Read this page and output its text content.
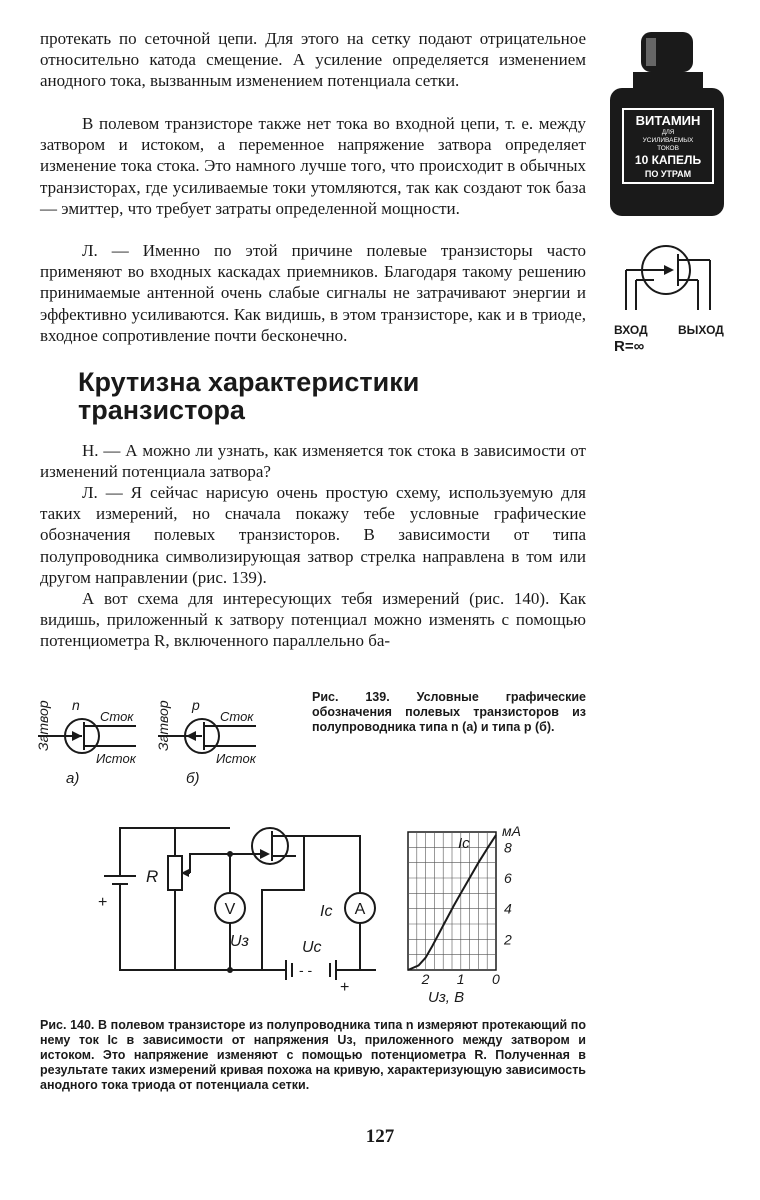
протекать по сеточной цепи. Для этого на сетку подают отрицательное относительно катода смещение. А усиление определяется изменением анодного тока, вызванным изменением потенциала сетки.

В полевом транзисторе также нет тока во входной цепи, т. е. между затвором и истоком, а переменное напряжение затвора определяет изменение тока стока. Это намного лучше того, что происходит в обычных транзисторах, где усиливаемые токи утомляются, так как создают ток база — эмиттер, что требует затраты определенной мощности.

Л. — Именно по этой причине полевые транзисторы часто применяют во входных каскадах приемников. Благодаря такому решению принимаемые антенной очень слабые сигналы не затрачивают энергии и эффективно усиливаются. Как видишь, в этом транзисторе, как и в триоде, входное сопротивление почти бесконечно.

ВИТАМИН
ДЛЯ
УСИЛИВАЕМЫХ
ТОКОВ
10 КАПЕЛЬ
ПО УТРАМ
ВХОД	ВЫХОД
R=∞
Крутизна характеристики транзистора

Н. — А можно ли узнать, как изменяется ток стока в зависимости от изменений потенциала затвора?

Л. — Я сейчас нарисую очень простую схему, используемую для таких измерений, но сначала покажу тебе условные графические обозначения полевых транзисторов. В зависимости от типа полупроводника символизирующая затвор стрелка направлена в том или другом направлении (рис. 139).

А вот схема для интересующих тебя измерений (рис. 140). Как видишь, приложенный к затвору потенциал можно изменять с помощью потенциометра R, включенного параллельно ба-

Затвор n
Сток
Исток
а)
Затвор p
Сток
Исток
б)
Рис. 139. Условные графические обозначения полевых транзисторов из полупроводника типа n (а) и типа p (б).
+
R
V
Uз
A
Iс
- -
Uс
+	2 1 0
8
6
4
2
Iс
мА
Uз, В
Рис. 140. В полевом транзисторе из полупроводника типа n измеряют протекающий по нему ток Iс в зависимости от напряжения Uз, приложенного между затвором и истоком. Это напряжение изменяют с помощью потенциометра R. Полученная в результате таких измерений кривая похожа на кривую, характеризующую зависимость анодного тока триода от потенциала сетки.
127
